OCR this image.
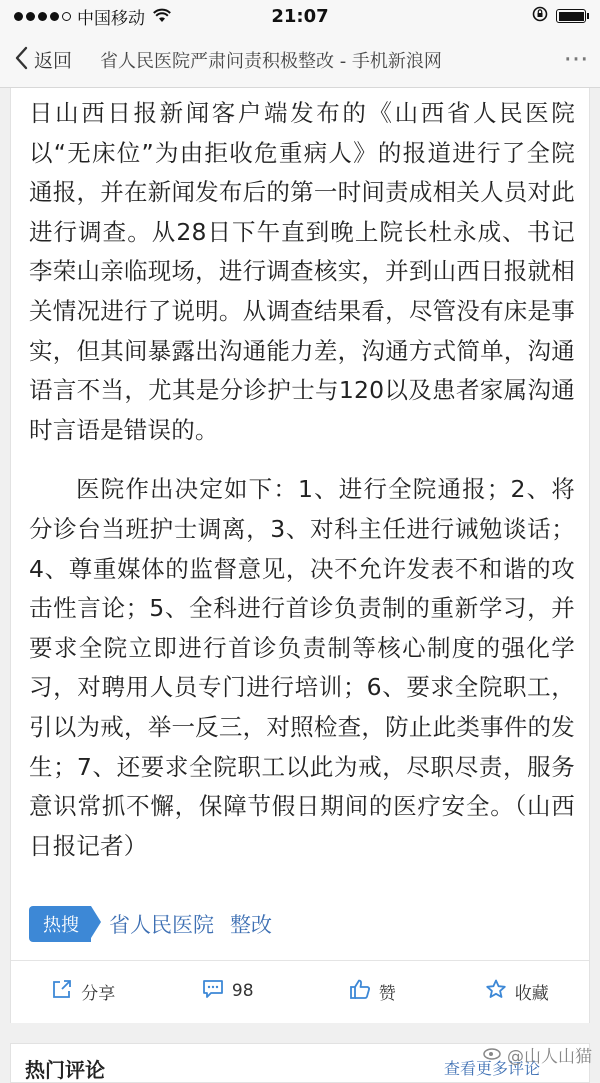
中国移动	21:07
返回 省人民医院严肃问责积极整改 - 手机新浪网	···

日山西日报新闻客户端发布的《山西省人民医院以“无床位”为由拒收危重病人》的报道进行了全院通报，并在新闻发布后的第一时间责成相关人员对此进行调查。从28日下午直到晚上院长杜永成、书记李荣山亲临现场，进行调查核实，并到山西日报就相关情况进行了说明。从调查结果看，尽管没有床是事实，但其间暴露出沟通能力差，沟通方式简单，沟通语言不当，尤其是分诊护士与120以及患者家属沟通时言语是错误的。

医院作出决定如下：1、进行全院通报；2、将分诊台当班护士调离，3、对科主任进行诫勉谈话；4、尊重媒体的监督意见，决不允许发表不和谐的攻击性言论；5、全科进行首诊负责制的重新学习，并要求全院立即进行首诊负责制等核心制度的强化学习，对聘用人员专门进行培训；6、要求全院职工，引以为戒，举一反三，对照检查，防止此类事件的发生；7、还要求全院职工以此为戒，尽职尽责，服务意识常抓不懈，保障节假日期间的医疗安全。（山西日报记者）

热搜	省人民医院 整改
分享	98	赞	收藏
热门评论	查看更多评论
@山人山猫
